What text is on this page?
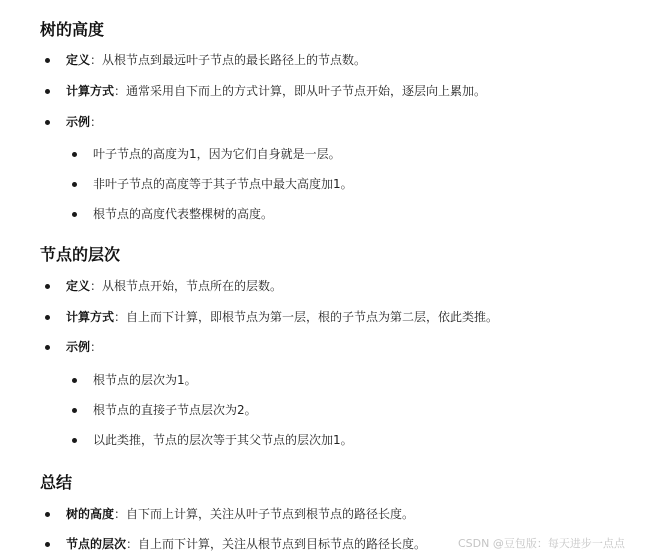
树的高度
定义：从根节点到最远叶子节点的最长路径上的节点数。
计算方式：通常采用自下而上的方式计算，即从叶子节点开始，逐层向上累加。
示例：
叶子节点的高度为1，因为它们自身就是一层。
非叶子节点的高度等于其子节点中最大高度加1。
根节点的高度代表整棵树的高度。
节点的层次
定义：从根节点开始，节点所在的层数。
计算方式：自上而下计算，即根节点为第一层，根的子节点为第二层，依此类推。
示例：
根节点的层次为1。
根节点的直接子节点层次为2。
以此类推，节点的层次等于其父节点的层次加1。
总结
树的高度：自下而上计算，关注从叶子节点到根节点的路径长度。
节点的层次：自上而下计算，关注从根节点到目标节点的路径长度。	CSDN @豆包版：每天进步一点点
